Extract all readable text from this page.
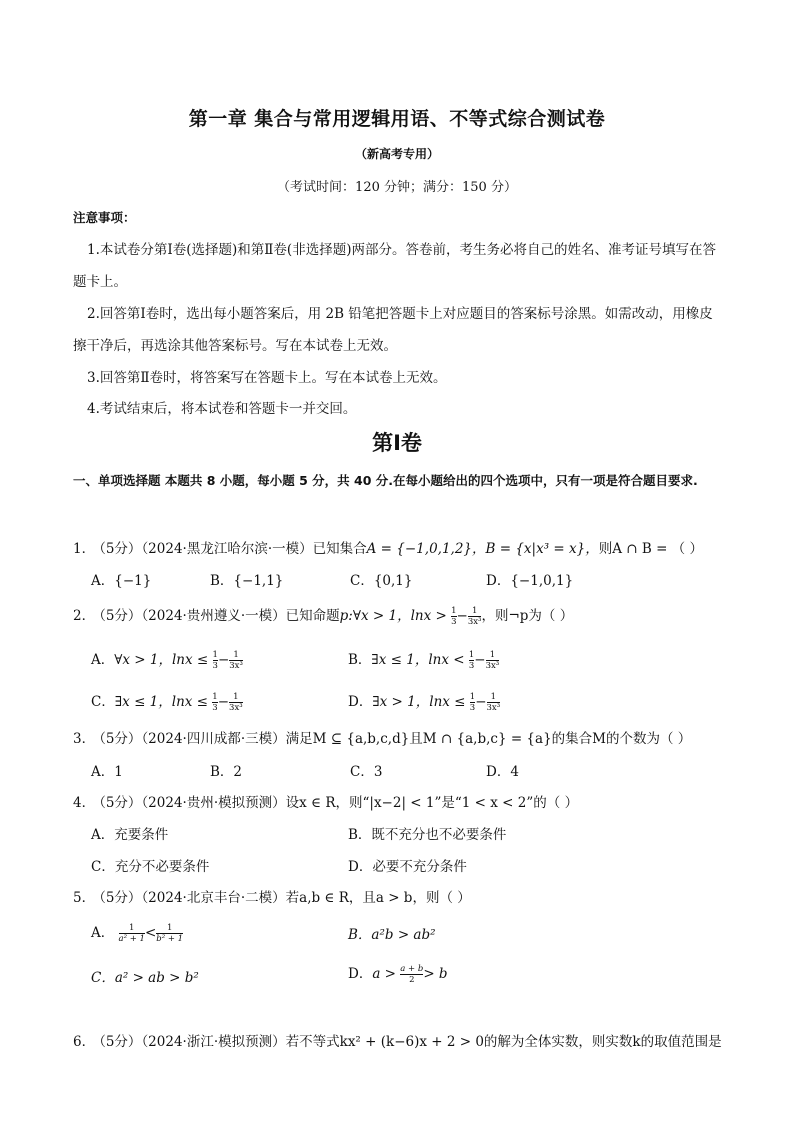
第一章 集合与常用逻辑用语、不等式综合测试卷
（新高考专用）
（考试时间：120 分钟；满分：150 分）
注意事项：
1.本试卷分第Ⅰ卷(选择题)和第Ⅱ卷(非选择题)两部分。答卷前，考生务必将自己的姓名、准考证号填写在答题卡上。
2.回答第Ⅰ卷时，选出每小题答案后，用 2B 铅笔把答题卡上对应题目的答案标号涂黑。如需改动，用橡皮擦干净后，再选涂其他答案标号。写在本试卷上无效。
3.回答第Ⅱ卷时，将答案写在答题卡上。写在本试卷上无效。
4.考试结束后，将本试卷和答题卡一并交回。
第Ⅰ卷
一、单项选择题 本题共 8 小题，每小题 5 分，共 40 分.在每小题给出的四个选项中，只有一项是符合题目要求.
1． （5分）（2024·黑龙江哈尔滨·一模）已知集合A = {−1,0,1,2}，B = {x|x³ = x}，则A ∩ B = （ ）
A．{−1}	B．{−1,1}	C．{0,1}	D．{−1,0,1}
2． （5分）（2024·贵州遵义·一模）已知命题p:∀x > 1，$\ln x > \frac{1}{3} - \frac{1}{\text{3x³}}$ ，则¬p为（ ）
A．∀x > 1，$\ln x \le \frac{1}{3} - \frac{1}{\text{3x³}}$	B．∃x ≤ 1，$\ln x < \frac{1}{3} - \frac{1}{\text{3x³}}$
C．∃x ≤ 1，$\ln x \le \frac{1}{3} - \frac{1}{\text{3x³}}$	D．∃x > 1，$\ln x \le \frac{1}{3} - \frac{1}{\text{3x³}}$
3． （5分）（2024·四川成都·三模）满足M ⊆ {a,b,c,d}且M ∩ {a,b,c} = {a}的集合M的个数为（ ）
A．1	B．2	C．3	D．4
4． （5分）（2024·贵州·模拟预测）设x ∈ R，则“|x−2| < 1”是“1 < x < 2”的（ ）
A．充要条件	B．既不充分也不必要条件
C．充分不必要条件	D．必要不充分条件
5． （5分）（2024·北京丰台·二模）若a,b ∈ R，且a > b，则（ ）
A． $\frac{1}{\text{a² + 1}} < \frac{1}{\text{b² + 1}}$	B．a²b > ab²
C．a² > ab > b²	D．$a > \frac{a + b}{2} > b$
6． （5分）（2024·浙江·模拟预测）若不等式kx² + (k−6)x + 2 > 0的解为全体实数，则实数k的取值范围是
